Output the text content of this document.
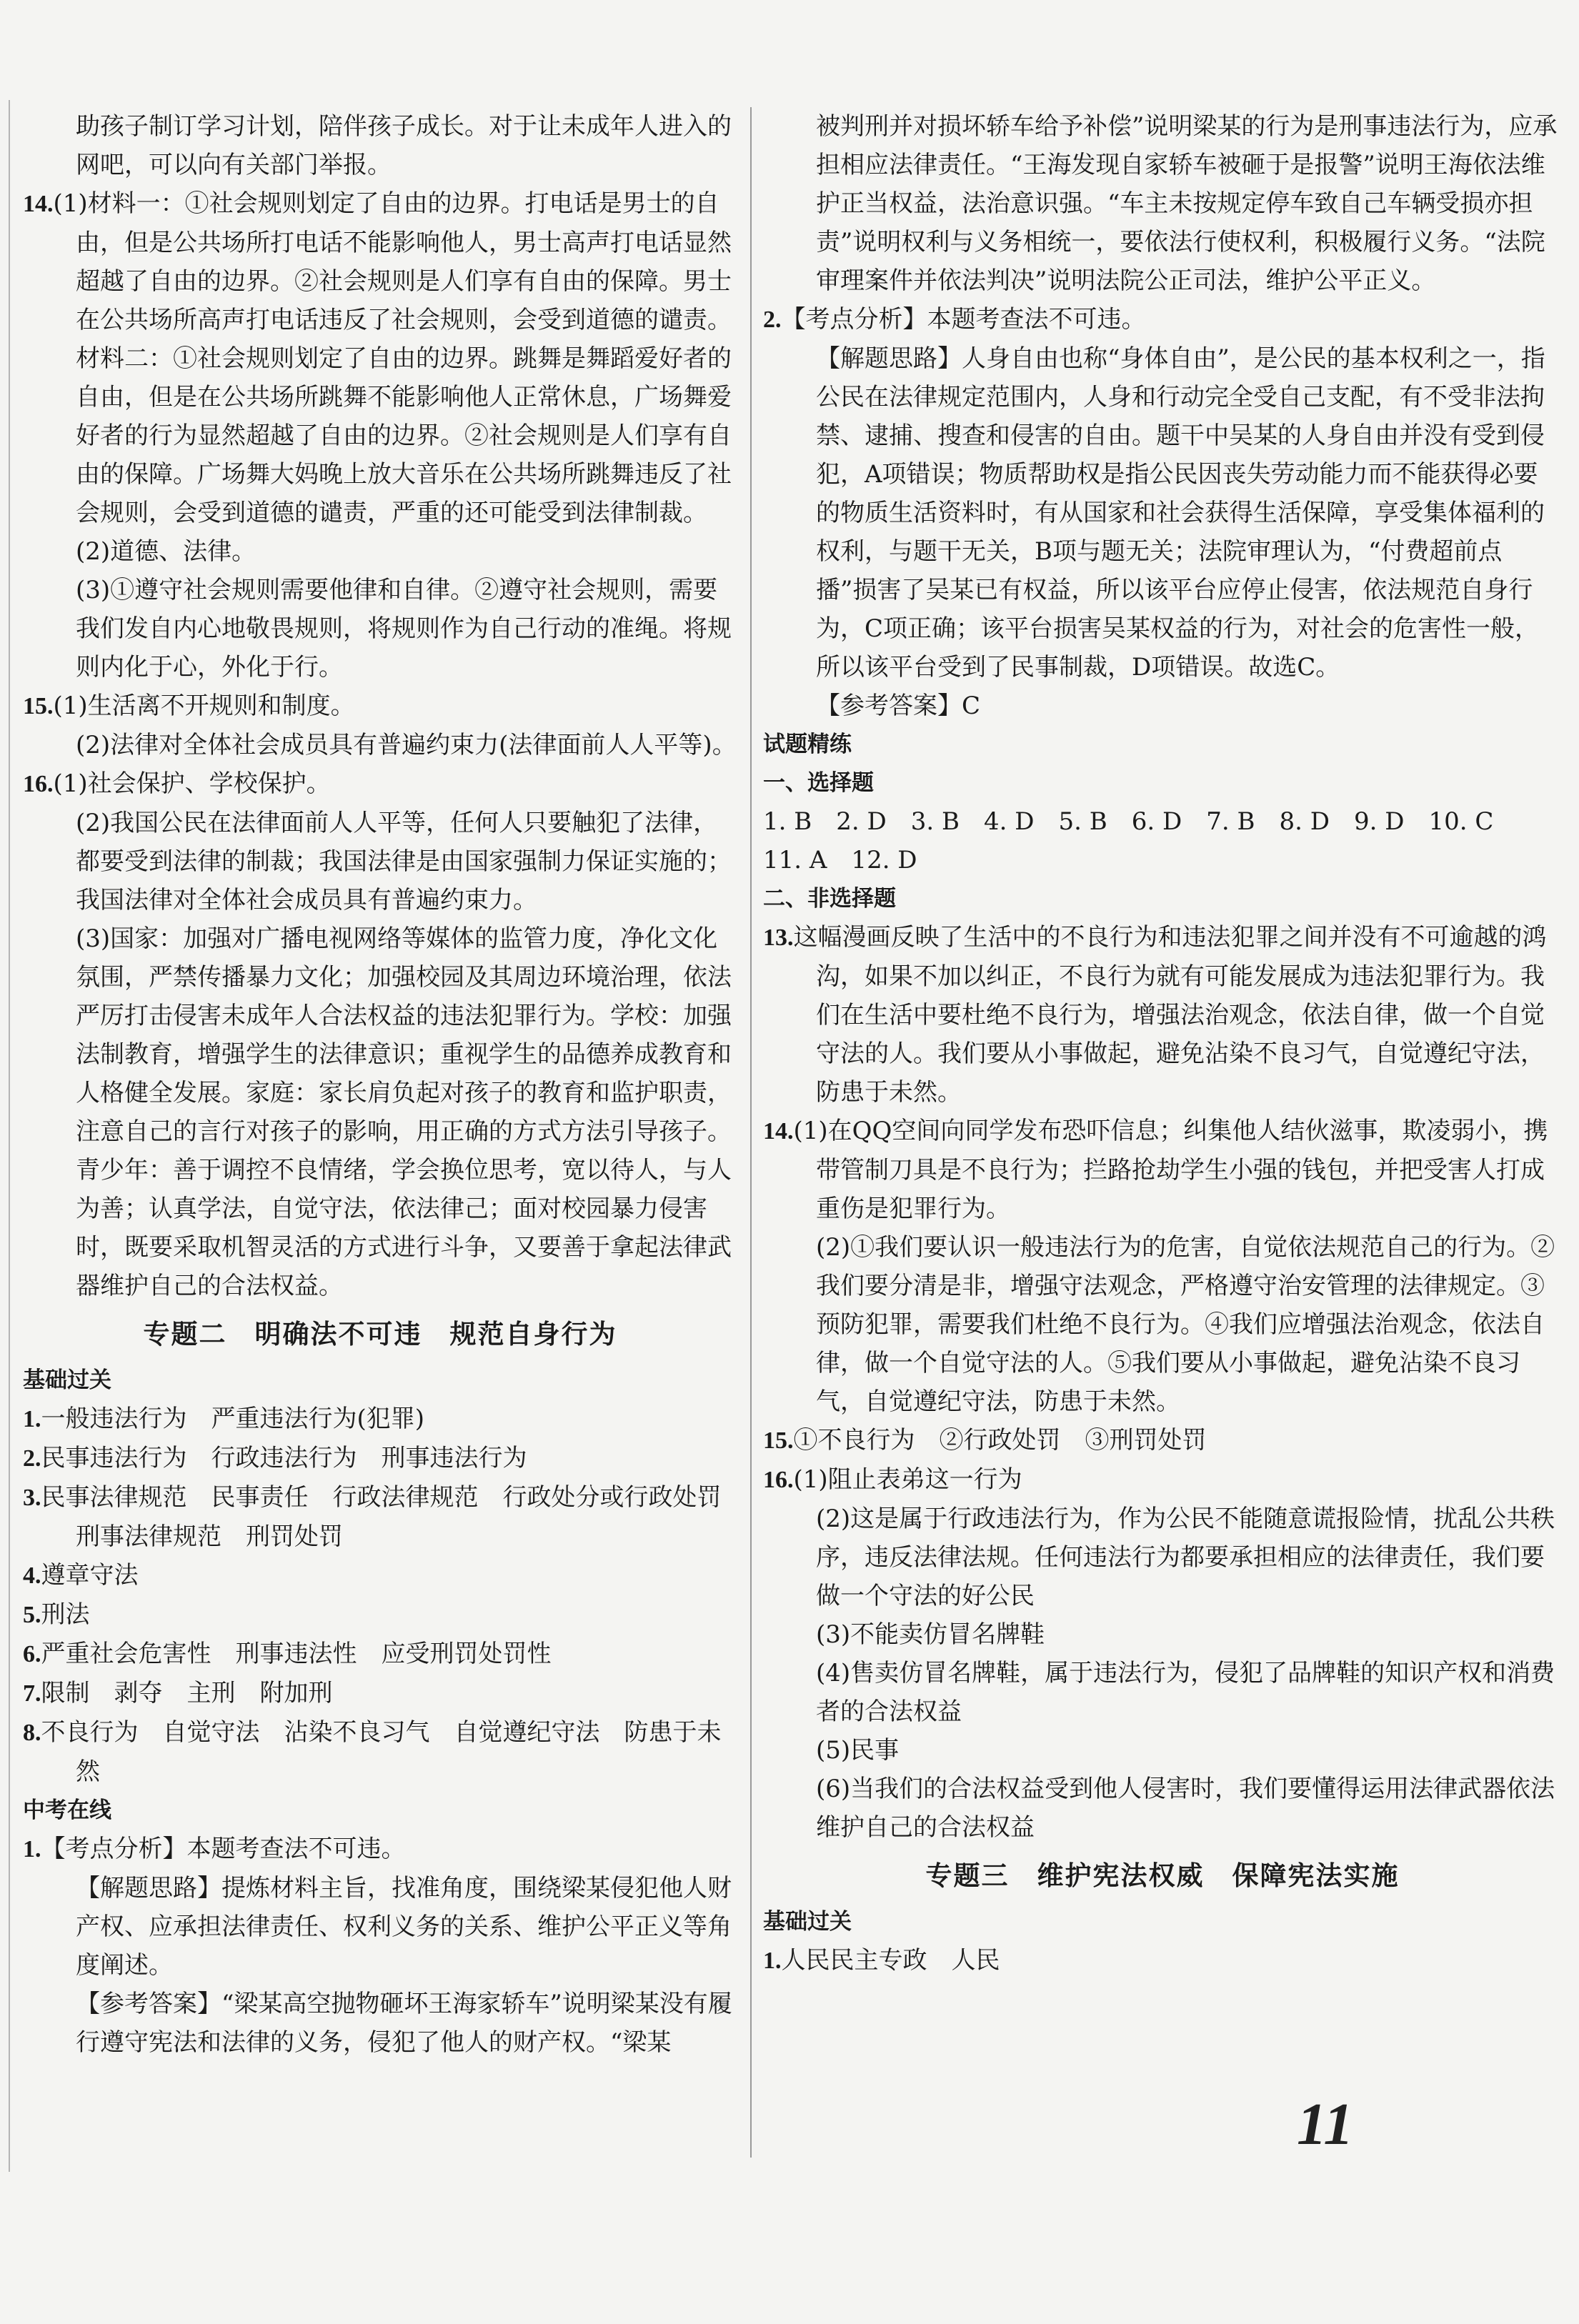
助孩子制订学习计划，陪伴孩子成长。对于让未成年人进入的网吧，可以向有关部门举报。

14.(1)材料一：①社会规则划定了自由的边界。打电话是男士的自由，但是公共场所打电话不能影响他人，男士高声打电话显然超越了自由的边界。②社会规则是人们享有自由的保障。男士在公共场所高声打电话违反了社会规则，会受到道德的谴责。材料二：①社会规则划定了自由的边界。跳舞是舞蹈爱好者的自由，但是在公共场所跳舞不能影响他人正常休息，广场舞爱好者的行为显然超越了自由的边界。②社会规则是人们享有自由的保障。广场舞大妈晚上放大音乐在公共场所跳舞违反了社会规则，会受到道德的谴责，严重的还可能受到法律制裁。

(2)道德、法律。

(3)①遵守社会规则需要他律和自律。②遵守社会规则，需要我们发自内心地敬畏规则，将规则作为自己行动的准绳。将规则内化于心，外化于行。

15.(1)生活离不开规则和制度。

(2)法律对全体社会成员具有普遍约束力(法律面前人人平等)。

16.(1)社会保护、学校保护。

(2)我国公民在法律面前人人平等，任何人只要触犯了法律，都要受到法律的制裁；我国法律是由国家强制力保证实施的；我国法律对全体社会成员具有普遍约束力。

(3)国家：加强对广播电视网络等媒体的监管力度，净化文化氛围，严禁传播暴力文化；加强校园及其周边环境治理，依法严厉打击侵害未成年人合法权益的违法犯罪行为。学校：加强法制教育，增强学生的法律意识；重视学生的品德养成教育和人格健全发展。家庭：家长肩负起对孩子的教育和监护职责，注意自己的言行对孩子的影响，用正确的方式方法引导孩子。青少年：善于调控不良情绪，学会换位思考，宽以待人，与人为善；认真学法，自觉守法，依法律己；面对校园暴力侵害时，既要采取机智灵活的方式进行斗争，又要善于拿起法律武器维护自己的合法权益。

专题二　明确法不可违　规范自身行为
基础过关

1.一般违法行为　严重违法行为(犯罪)

2.民事违法行为　行政违法行为　刑事违法行为

3.民事法律规范　民事责任　行政法律规范　行政处分或行政处罚　刑事法律规范　刑罚处罚

4.遵章守法

5.刑法

6.严重社会危害性　刑事违法性　应受刑罚处罚性

7.限制　剥夺　主刑　附加刑

8.不良行为　自觉守法　沾染不良习气　自觉遵纪守法　防患于未然

中考在线

1.【考点分析】本题考查法不可违。

【解题思路】提炼材料主旨，找准角度，围绕梁某侵犯他人财产权、应承担法律责任、权利义务的关系、维护公平正义等角度阐述。

【参考答案】“梁某高空抛物砸坏王海家轿车”说明梁某没有履行遵守宪法和法律的义务，侵犯了他人的财产权。“梁某

被判刑并对损坏轿车给予补偿”说明梁某的行为是刑事违法行为，应承担相应法律责任。“王海发现自家轿车被砸于是报警”说明王海依法维护正当权益，法治意识强。“车主未按规定停车致自己车辆受损亦担责”说明权利与义务相统一，要依法行使权利，积极履行义务。“法院审理案件并依法判决”说明法院公正司法，维护公平正义。

2.【考点分析】本题考查法不可违。

【解题思路】人身自由也称“身体自由”，是公民的基本权利之一，指公民在法律规定范围内，人身和行动完全受自己支配，有不受非法拘禁、逮捕、搜查和侵害的自由。题干中吴某的人身自由并没有受到侵犯，A项错误；物质帮助权是指公民因丧失劳动能力而不能获得必要的物质生活资料时，有从国家和社会获得生活保障，享受集体福利的权利，与题干无关，B项与题无关；法院审理认为，“付费超前点播”损害了吴某已有权益，所以该平台应停止侵害，依法规范自身行为，C项正确；该平台损害吴某权益的行为，对社会的危害性一般，所以该平台受到了民事制裁，D项错误。故选C。

【参考答案】C

试题精练
一、选择题

1. B　2. D　3. B　4. D　5. B　6. D　7. B　8. D　9. D　10. C

11. A　12. D

二、非选择题

13.这幅漫画反映了生活中的不良行为和违法犯罪之间并没有不可逾越的鸿沟，如果不加以纠正，不良行为就有可能发展成为违法犯罪行为。我们在生活中要杜绝不良行为，增强法治观念，依法自律，做一个自觉守法的人。我们要从小事做起，避免沾染不良习气，自觉遵纪守法，防患于未然。

14.(1)在QQ空间向同学发布恐吓信息；纠集他人结伙滋事，欺凌弱小，携带管制刀具是不良行为；拦路抢劫学生小强的钱包，并把受害人打成重伤是犯罪行为。

(2)①我们要认识一般违法行为的危害，自觉依法规范自己的行为。②我们要分清是非，增强守法观念，严格遵守治安管理的法律规定。③预防犯罪，需要我们杜绝不良行为。④我们应增强法治观念，依法自律，做一个自觉守法的人。⑤我们要从小事做起，避免沾染不良习气，自觉遵纪守法，防患于未然。

15.①不良行为　②行政处罚　③刑罚处罚

16.(1)阻止表弟这一行为

(2)这是属于行政违法行为，作为公民不能随意谎报险情，扰乱公共秩序，违反法律法规。任何违法行为都要承担相应的法律责任，我们要做一个守法的好公民

(3)不能卖仿冒名牌鞋

(4)售卖仿冒名牌鞋，属于违法行为，侵犯了品牌鞋的知识产权和消费者的合法权益

(5)民事

(6)当我们的合法权益受到他人侵害时，我们要懂得运用法律武器依法维护自己的合法权益

专题三　维护宪法权威　保障宪法实施
基础过关

1.人民民主专政　人民

11
